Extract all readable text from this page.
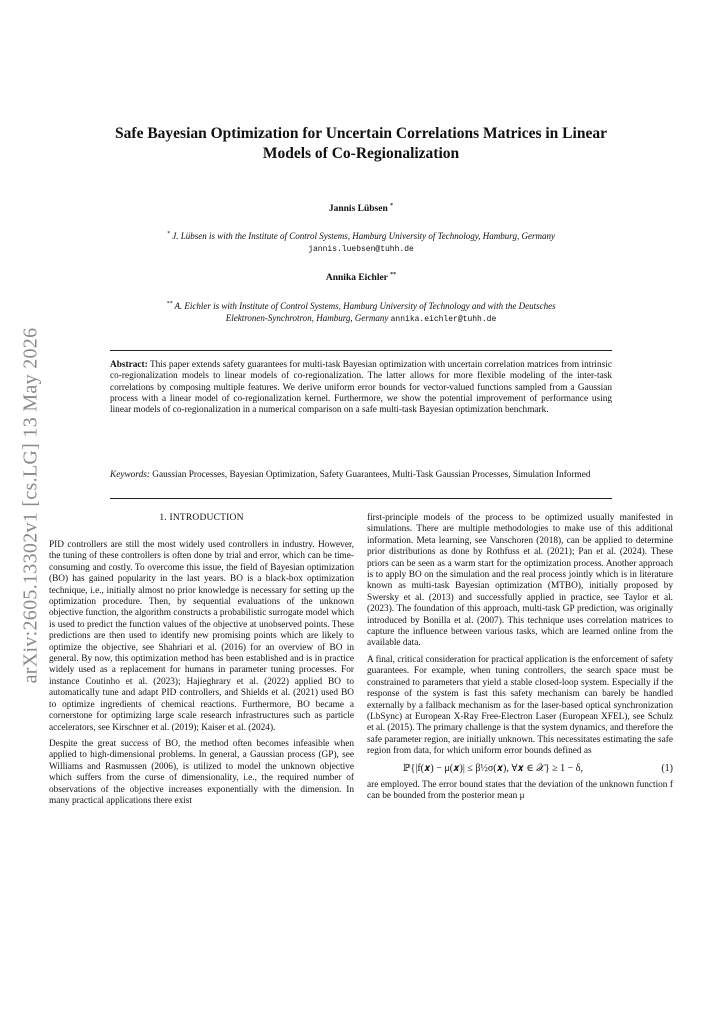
arXiv:2605.13302v1 [cs.LG] 13 May 2026
Safe Bayesian Optimization for Uncertain Correlations Matrices in Linear Models of Co-Regionalization
Jannis Lübsen *
* J. Lübsen is with the Institute of Control Systems, Hamburg University of Technology, Hamburg, Germany jannis.luebsen@tuhh.de
Annika Eichler **
** A. Eichler is with Institute of Control Systems, Hamburg University of Technology and with the Deutsches Elektronen-Synchrotron, Hamburg, Germany annika.eichler@tuhh.de
Abstract: This paper extends safety guarantees for multi-task Bayesian optimization with uncertain correlation matrices from intrinsic co-regionalization models to linear models of co-regionalization. The latter allows for more flexible modeling of the inter-task correlations by composing multiple features. We derive uniform error bounds for vector-valued functions sampled from a Gaussian process with a linear model of co-regionalization kernel. Furthermore, we show the potential improvement of performance using linear models of co-regionalization in a numerical comparison on a safe multi-task Bayesian optimization benchmark.
Keywords: Gaussian Processes, Bayesian Optimization, Safety Guarantees, Multi-Task Gaussian Processes, Simulation Informed
1. INTRODUCTION

PID controllers are still the most widely used controllers in industry. However, the tuning of these controllers is often done by trial and error, which can be time-consuming and costly. To overcome this issue, the field of Bayesian optimization (BO) has gained popularity in the last years. BO is a black-box optimization technique, i.e., initially almost no prior knowledge is necessary for setting up the optimization procedure. Then, by sequential evaluations of the unknown objective function, the algorithm constructs a probabilistic surrogate model which is used to predict the function values of the objective at unobserved points. These predictions are then used to identify new promising points which are likely to optimize the objective, see Shahriari et al. (2016) for an overview of BO in general. By now, this optimization method has been established and is in practice widely used as a replacement for humans in parameter tuning processes. For instance Coutinho et al. (2023); Hajieghrary et al. (2022) applied BO to automatically tune and adapt PID controllers, and Shields et al. (2021) used BO to optimize ingredients of chemical reactions. Furthermore, BO became a cornerstone for optimizing large scale research infrastructures such as particle accelerators, see Kirschner et al. (2019); Kaiser et al. (2024).

Despite the great success of BO, the method often becomes infeasible when applied to high-dimensional problems. In general, a Gaussian process (GP), see Williams and Rasmussen (2006), is utilized to model the unknown objective which suffers from the curse of dimensionality, i.e., the required number of observations of the objective increases exponentially with the dimension. In many practical applications there exist

first-principle models of the process to be optimized usually manifested in simulations. There are multiple methodologies to make use of this additional information. Meta learning, see Vanschoren (2018), can be applied to determine prior distributions as done by Rothfuss et al. (2021); Pan et al. (2024). These priors can be seen as a warm start for the optimization process. Another approach is to apply BO on the simulation and the real process jointly which is in literature known as multi-task Bayesian optimization (MTBO), initially proposed by Swersky et al. (2013) and successfully applied in practice, see Taylor et al. (2023). The foundation of this approach, multi-task GP prediction, was originally introduced by Bonilla et al. (2007). This technique uses correlation matrices to capture the influence between various tasks, which are learned online from the available data.

A final, critical consideration for practical application is the enforcement of safety guarantees. For example, when tuning controllers, the search space must be constrained to parameters that yield a stable closed-loop system. Especially if the response of the system is fast this safety mechanism can barely be handled externally by a fallback mechanism as for the laser-based optical synchronization (LbSync) at European X-Ray Free-Electron Laser (European XFEL), see Schulz et al. (2015). The primary challenge is that the system dynamics, and therefore the safe parameter region, are initially unknown. This necessitates estimating the safe region from data, for which uniform error bounds defined as

ℙ{|f(𝒙) − μ(𝒙)| ≤ β½σ(𝒙), ∀𝒙 ∈ 𝒳} ≥ 1 − δ,	(1)

are employed. The error bound states that the deviation of the unknown function f can be bounded from the posterior mean μ
